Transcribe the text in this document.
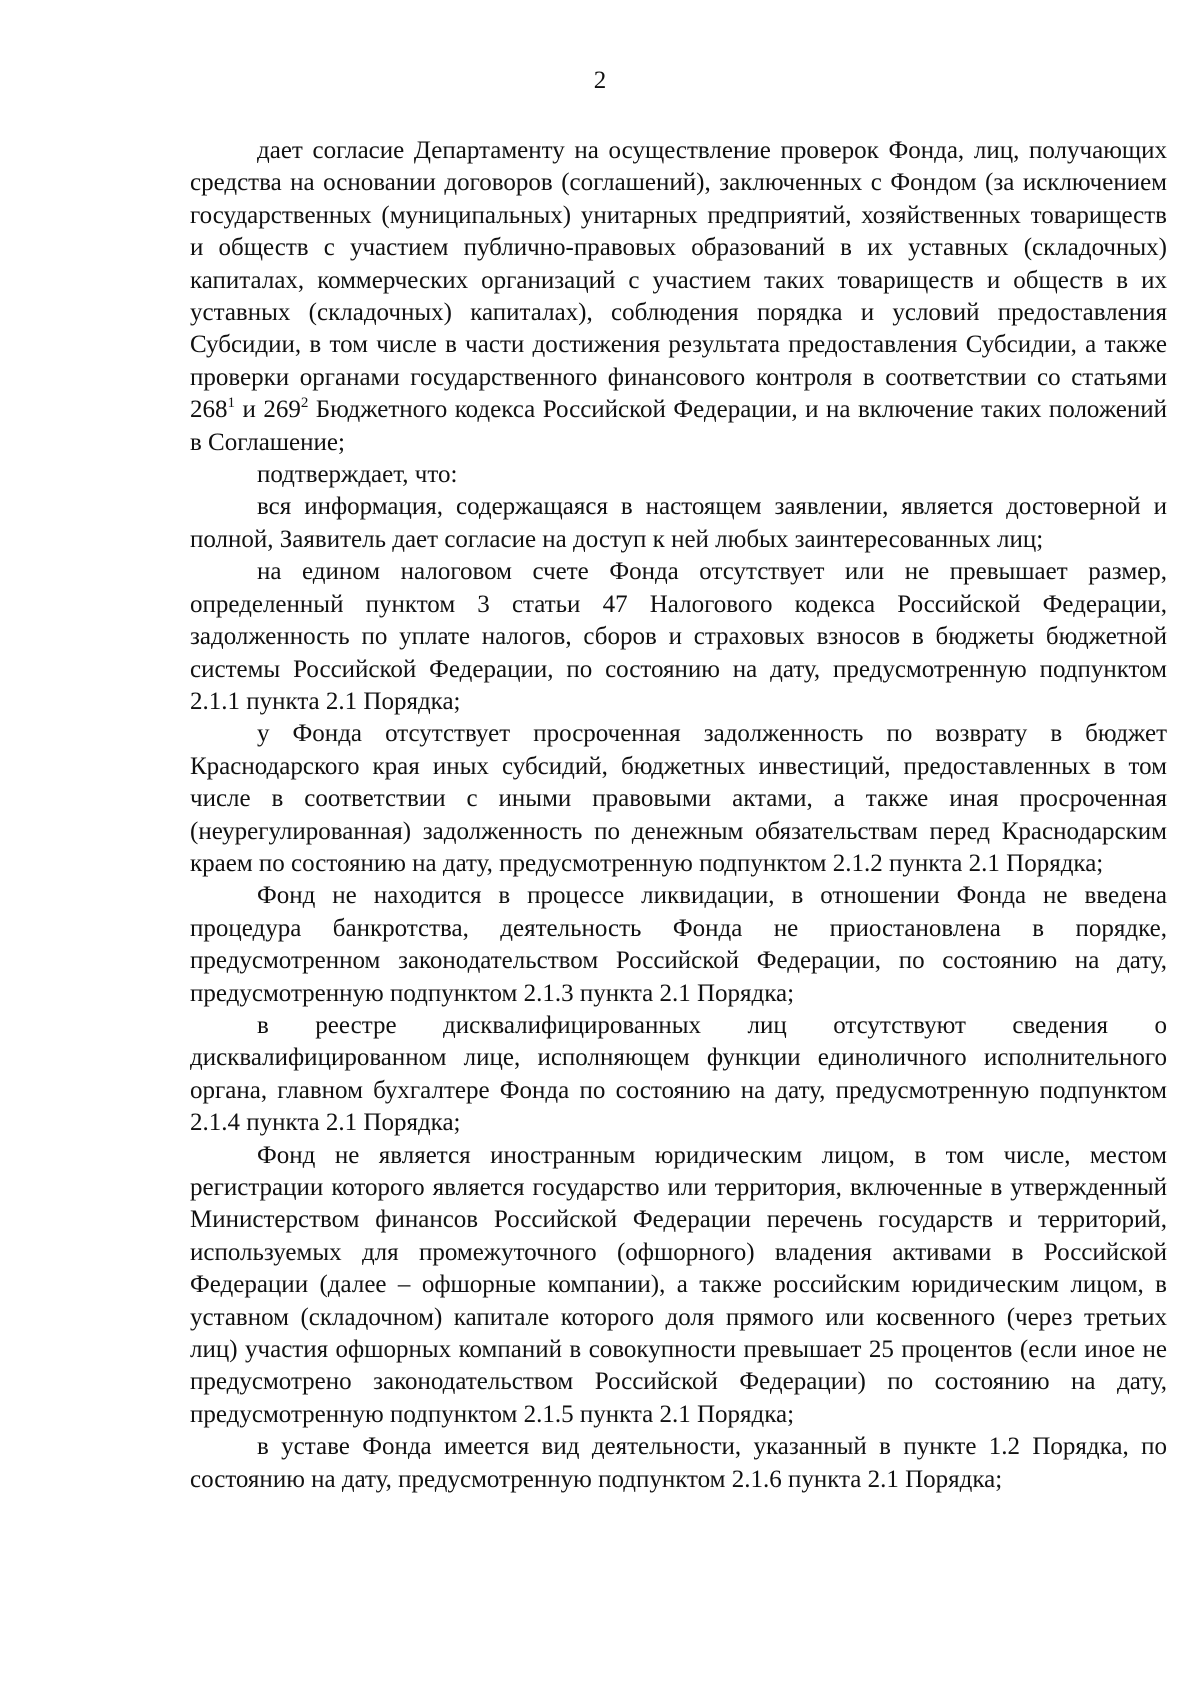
2

дает согласие Департаменту на осуществление проверок Фонда, лиц, получающих средства на основании договоров (соглашений), заключенных с Фондом (за исключением государственных (муниципальных) унитарных предприятий, хозяйственных товариществ и обществ с участием публично-правовых образований в их уставных (складочных) капиталах, коммерческих организаций с участием таких товариществ и обществ в их уставных (складочных) капиталах), соблюдения порядка и условий предоставления Субсидии, в том числе в части достижения результата предоставления Субсидии, а также проверки органами государственного финансового контроля в соответствии со статьями $268^1$ и $269^2$ Бюджетного кодекса Российской Федерации, и на включение таких положений в Соглашение;

подтверждает, что:

вся информация, содержащаяся в настоящем заявлении, является достоверной и полной, Заявитель дает согласие на доступ к ней любых заинтересованных лиц;

на едином налоговом счете Фонда отсутствует или не превышает размер, определенный пунктом 3 статьи 47 Налогового кодекса Российской Федерации, задолженность по уплате налогов, сборов и страховых взносов в бюджеты бюджетной системы Российской Федерации, по состоянию на дату, предусмотренную подпунктом 2.1.1 пункта 2.1 Порядка;

у Фонда отсутствует просроченная задолженность по возврату в бюджет Краснодарского края иных субсидий, бюджетных инвестиций, предоставленных в том числе в соответствии с иными правовыми актами, а также иная просроченная (неурегулированная) задолженность по денежным обязательствам перед Краснодарским краем по состоянию на дату, предусмотренную подпунктом 2.1.2 пункта 2.1 Порядка;

Фонд не находится в процессе ликвидации, в отношении Фонда не введена процедура банкротства, деятельность Фонда не приостановлена в порядке, предусмотренном законодательством Российской Федерации, по состоянию на дату, предусмотренную подпунктом 2.1.3 пункта 2.1 Порядка;

в реестре дисквалифицированных лиц отсутствуют сведения о дисквалифицированном лице, исполняющем функции единоличного исполнительного органа, главном бухгалтере Фонда по состоянию на дату, предусмотренную подпунктом 2.1.4 пункта 2.1 Порядка;

Фонд не является иностранным юридическим лицом, в том числе, местом регистрации которого является государство или территория, включенные в утвержденный Министерством финансов Российской Федерации перечень государств и территорий, используемых для промежуточного (офшорного) владения активами в Российской Федерации (далее – офшорные компании), а также российским юридическим лицом, в уставном (складочном) капитале которого доля прямого или косвенного (через третьих лиц) участия офшорных компаний в совокупности превышает 25 процентов (если иное не предусмотрено законодательством Российской Федерации) по состоянию на дату, предусмотренную подпунктом 2.1.5 пункта 2.1 Порядка;

в уставе Фонда имеется вид деятельности, указанный в пункте 1.2 Порядка, по состоянию на дату, предусмотренную подпунктом 2.1.6 пункта 2.1 Порядка;
